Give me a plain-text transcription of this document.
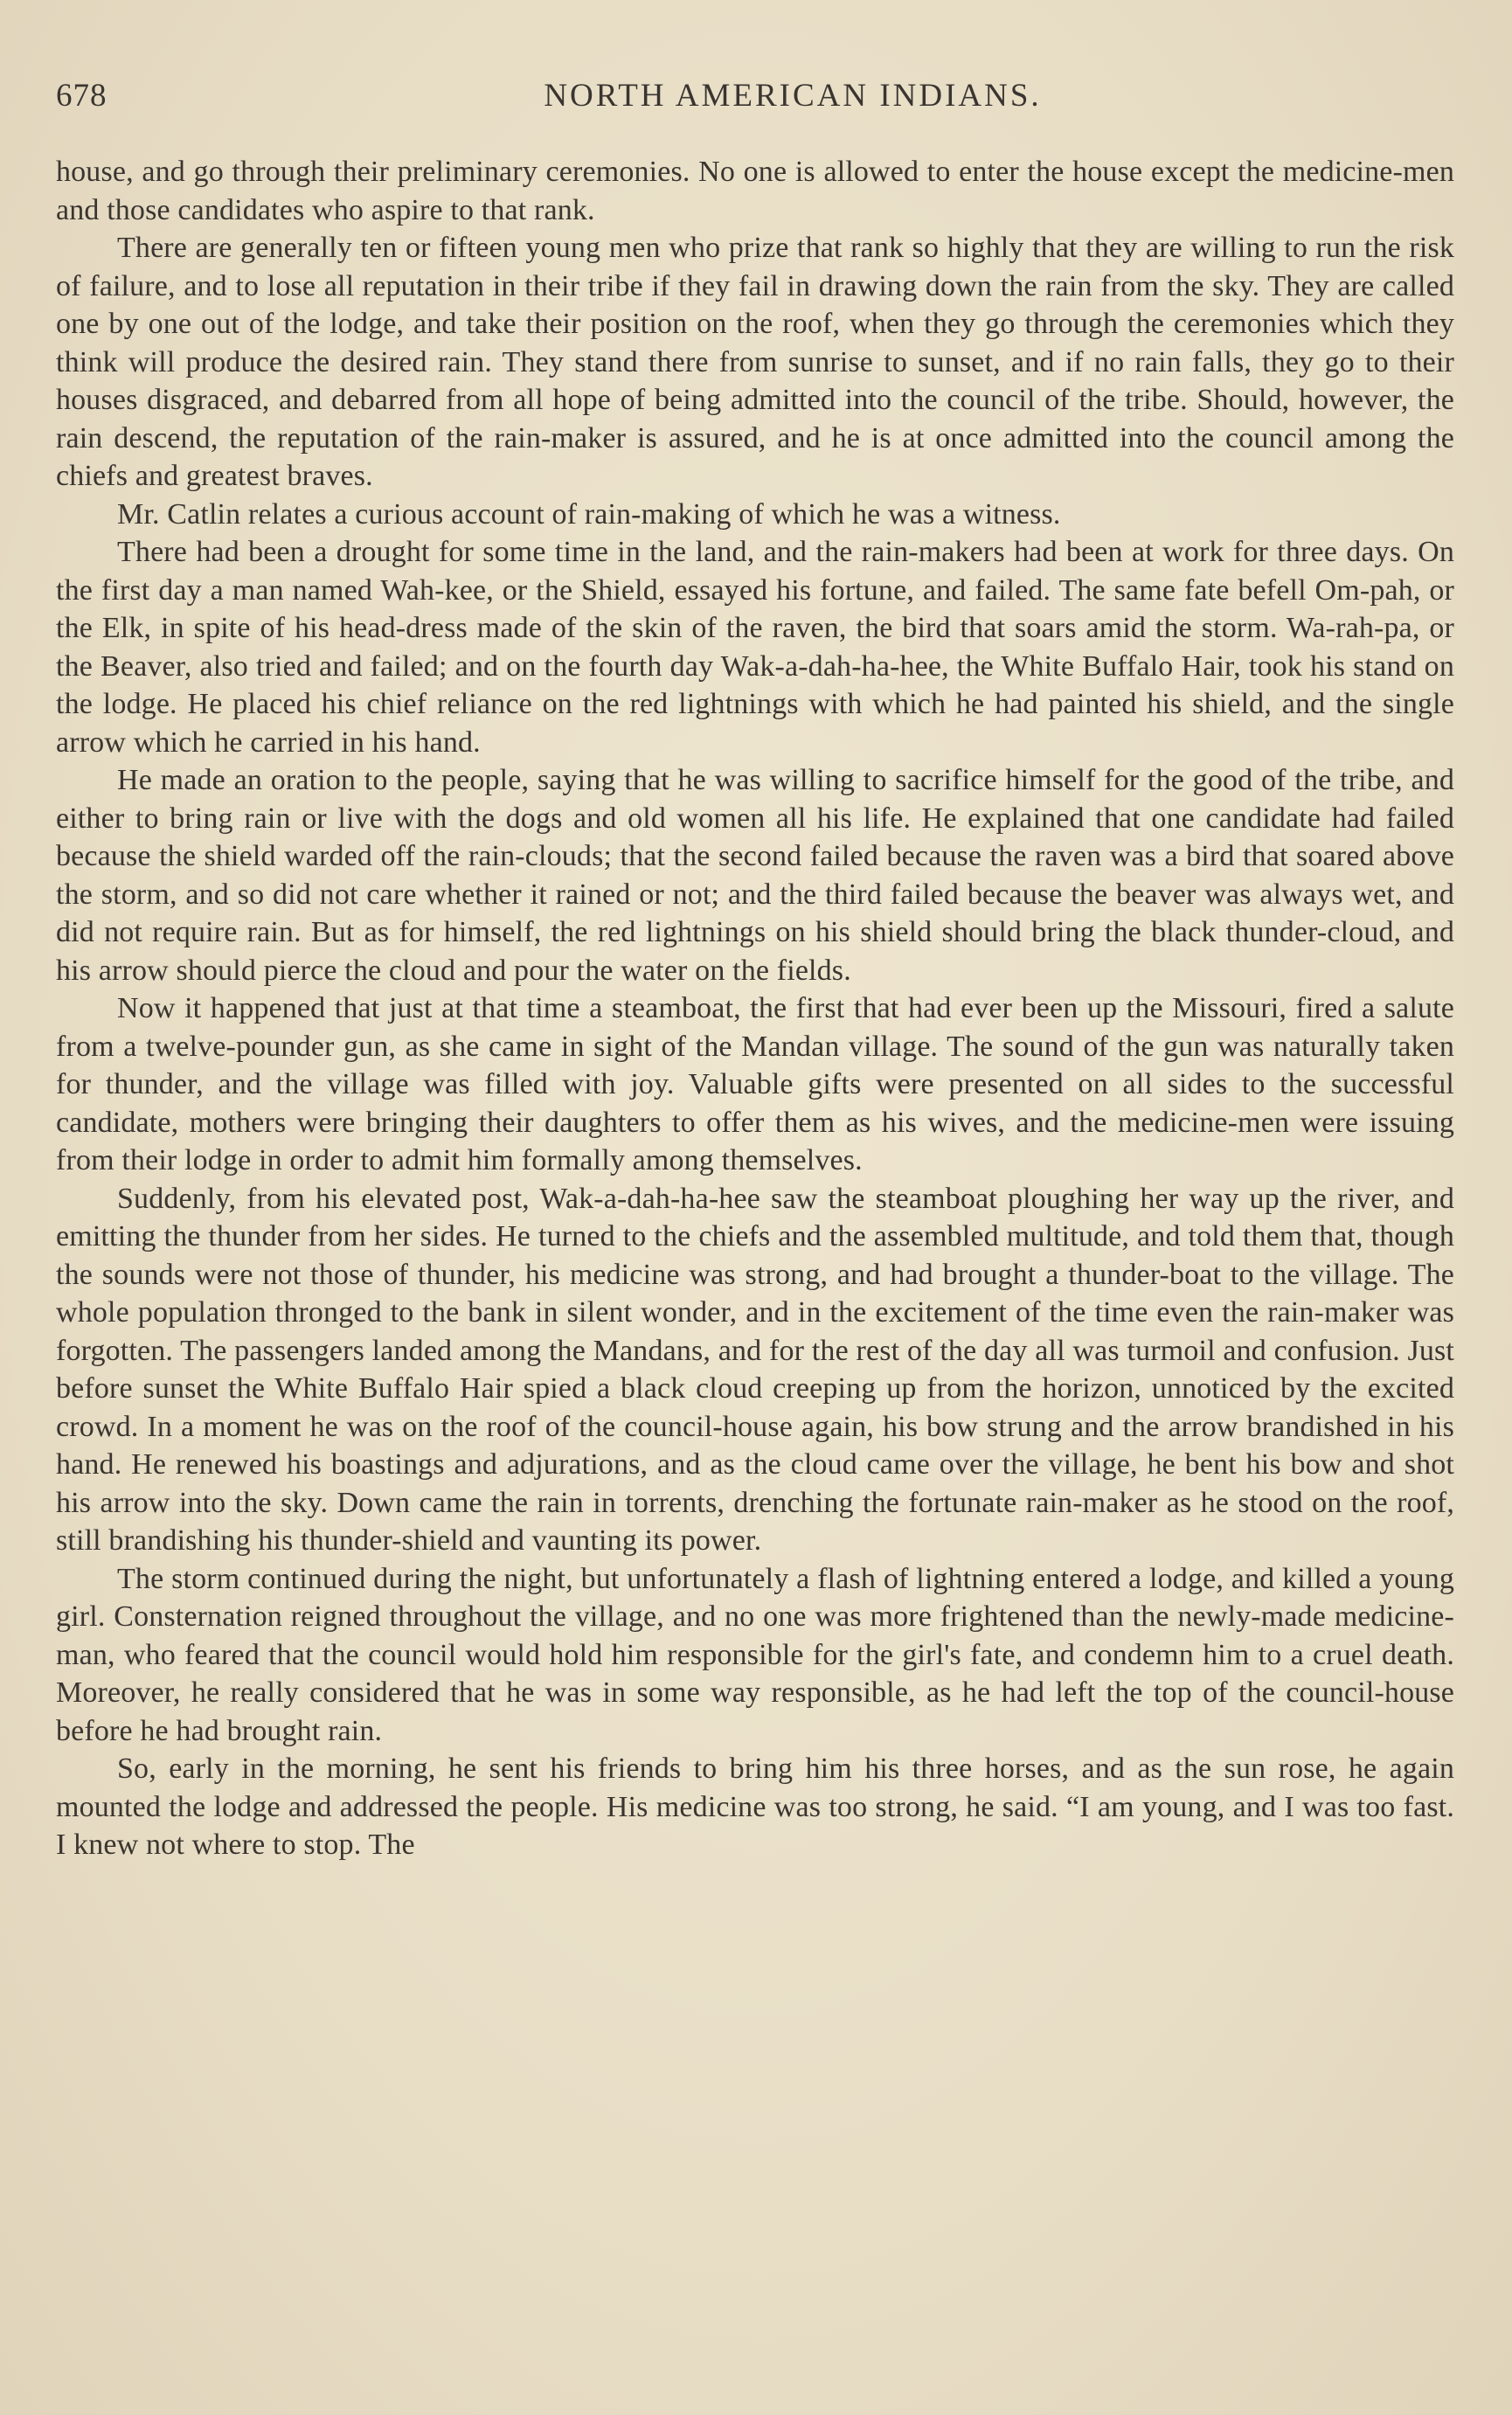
678	NORTH AMERICAN INDIANS.

house, and go through their preliminary ceremonies. No one is allowed to enter the house except the medicine-men and those candidates who aspire to that rank.

There are generally ten or fifteen young men who prize that rank so highly that they are willing to run the risk of failure, and to lose all reputation in their tribe if they fail in drawing down the rain from the sky. They are called one by one out of the lodge, and take their position on the roof, when they go through the ceremonies which they think will produce the desired rain. They stand there from sunrise to sunset, and if no rain falls, they go to their houses disgraced, and debarred from all hope of being admitted into the council of the tribe. Should, however, the rain descend, the reputation of the rain-maker is assured, and he is at once admitted into the council among the chiefs and greatest braves.

Mr. Catlin relates a curious account of rain-making of which he was a witness.

There had been a drought for some time in the land, and the rain-makers had been at work for three days. On the first day a man named Wah-kee, or the Shield, essayed his fortune, and failed. The same fate befell Om-pah, or the Elk, in spite of his head-dress made of the skin of the raven, the bird that soars amid the storm. Wa-rah-pa, or the Beaver, also tried and failed; and on the fourth day Wak-a-dah-ha-hee, the White Buffalo Hair, took his stand on the lodge. He placed his chief reliance on the red lightnings with which he had painted his shield, and the single arrow which he carried in his hand.

He made an oration to the people, saying that he was willing to sacrifice himself for the good of the tribe, and either to bring rain or live with the dogs and old women all his life. He explained that one candidate had failed because the shield warded off the rain-clouds; that the second failed because the raven was a bird that soared above the storm, and so did not care whether it rained or not; and the third failed because the beaver was always wet, and did not require rain. But as for himself, the red lightnings on his shield should bring the black thunder-cloud, and his arrow should pierce the cloud and pour the water on the fields.

Now it happened that just at that time a steamboat, the first that had ever been up the Missouri, fired a salute from a twelve-pounder gun, as she came in sight of the Mandan village. The sound of the gun was naturally taken for thunder, and the village was filled with joy. Valuable gifts were presented on all sides to the successful candidate, mothers were bringing their daughters to offer them as his wives, and the medicine-men were issuing from their lodge in order to admit him formally among themselves.

Suddenly, from his elevated post, Wak-a-dah-ha-hee saw the steamboat ploughing her way up the river, and emitting the thunder from her sides. He turned to the chiefs and the assembled multitude, and told them that, though the sounds were not those of thunder, his medicine was strong, and had brought a thunder-boat to the village. The whole population thronged to the bank in silent wonder, and in the excitement of the time even the rain-maker was forgotten. The passengers landed among the Mandans, and for the rest of the day all was turmoil and confusion. Just before sunset the White Buffalo Hair spied a black cloud creeping up from the horizon, unnoticed by the excited crowd. In a moment he was on the roof of the council-house again, his bow strung and the arrow brandished in his hand. He renewed his boastings and adjurations, and as the cloud came over the village, he bent his bow and shot his arrow into the sky. Down came the rain in torrents, drenching the fortunate rain-maker as he stood on the roof, still brandishing his thunder-shield and vaunting its power.

The storm continued during the night, but unfortunately a flash of lightning entered a lodge, and killed a young girl. Consternation reigned throughout the village, and no one was more frightened than the newly-made medicine-man, who feared that the council would hold him responsible for the girl's fate, and condemn him to a cruel death. Moreover, he really considered that he was in some way responsible, as he had left the top of the council-house before he had brought rain.

So, early in the morning, he sent his friends to bring him his three horses, and as the sun rose, he again mounted the lodge and addressed the people. His medicine was too strong, he said. “I am young, and I was too fast. I knew not where to stop. The
